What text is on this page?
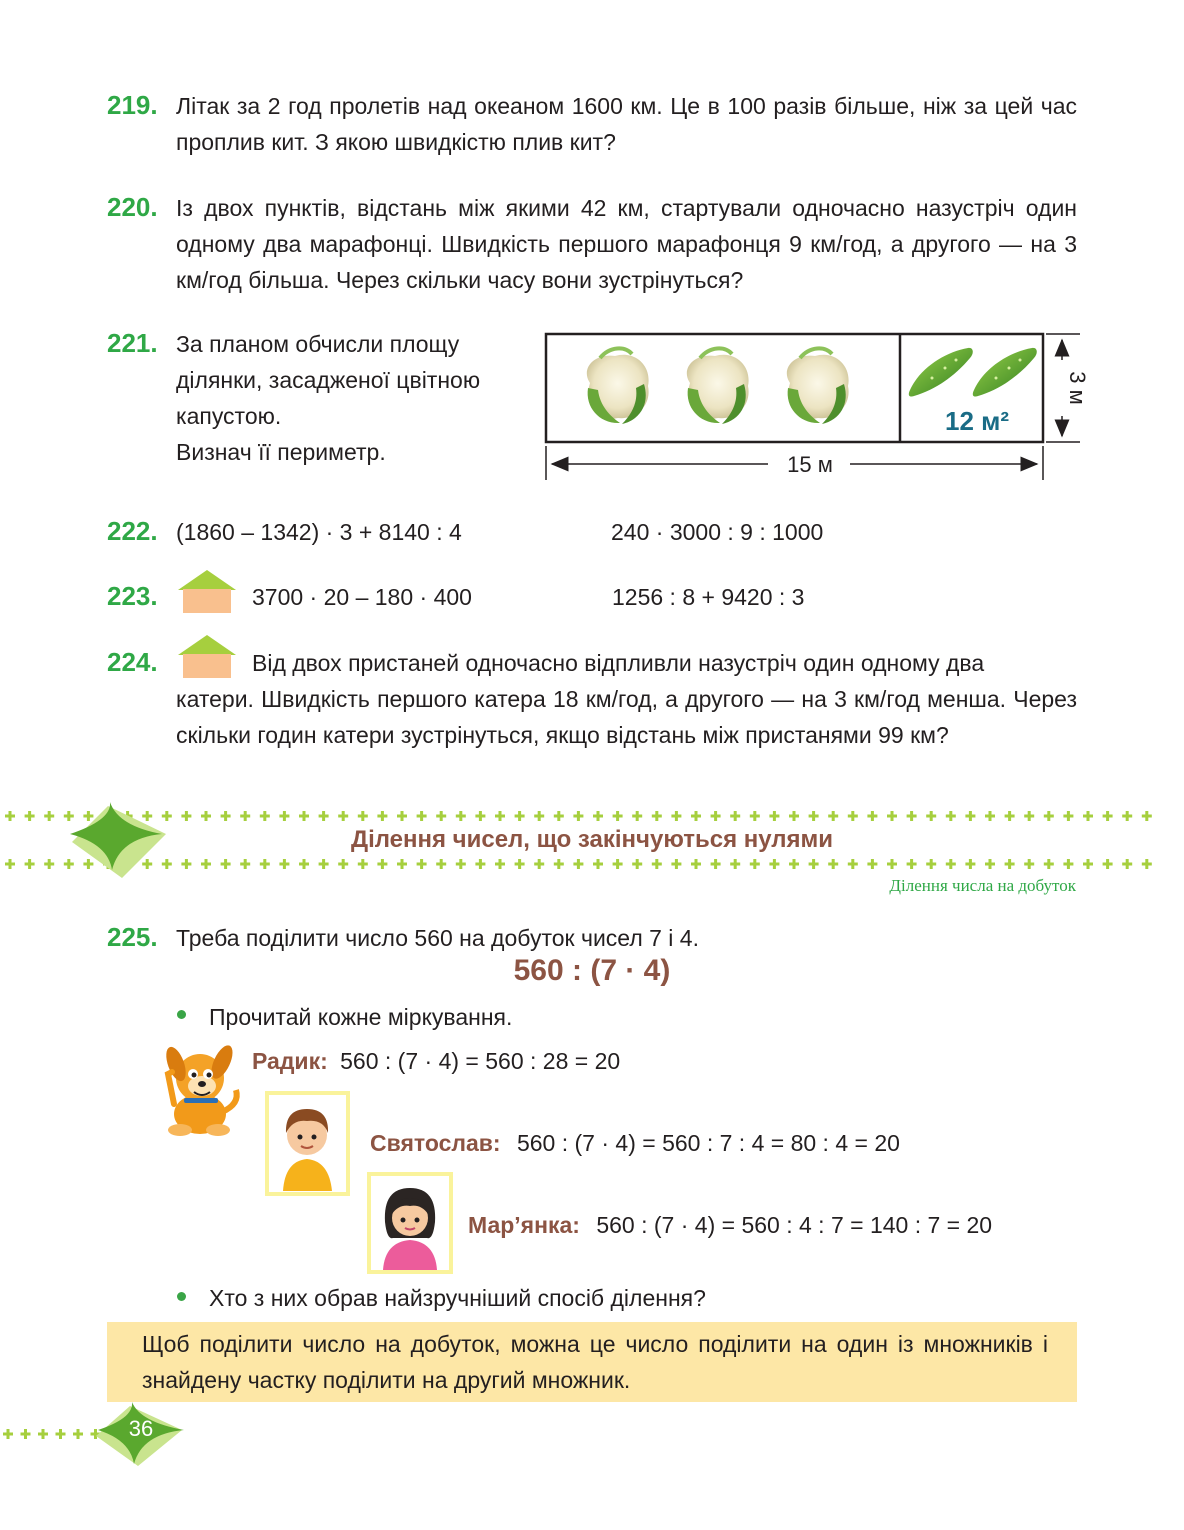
219. Літак за 2 год пролетів над океаном 1600 км. Це в 100 разів більше, ніж за цей час проплив кит. З якою швидкістю плив кит?
220. Із двох пунктів, відстань між якими 42 км, стартували одночасно назустріч один одному два марафонці. Швидкість першого марафонця 9 км/год, а другого — на 3 км/год більша. Через скільки часу вони зустрінуться?
221. За планом обчисли площу
ділянки, засадженої цвітною
капустою.
Визнач її периметр.
12 м²
15 м
3 м
222. (1860 – 1342) · 3 + 8140 : 4	240 · 3000 : 9 : 1000
223.	3700 · 20 – 180 · 400	1256 : 8 + 9420 : 3
224.	Від двох пристаней одночасно відпливли назустріч один одному два
катери. Швидкість першого катера 18 км/год, а другого — на 3 км/год менша. Через скільки годин катери зустрінуться, якщо відстань між пристанями 99 км?
Ділення чисел, що закінчуються нулями
Ділення числа на добуток
225. Треба поділити число 560 на добуток чисел 7 і 4.
560 : (7 · 4)
Прочитай кожне міркування.
Радик: 560 : (7 · 4) = 560 : 28 = 20
Святослав: 560 : (7 · 4) = 560 : 7 : 4 = 80 : 4 = 20
Мар’янка: 560 : (7 · 4) = 560 : 4 : 7 = 140 : 7 = 20
Хто з них обрав найзручніший спосіб ділення?
Щоб поділити число на добуток, можна це число поділити на один із множників і знайдену частку поділити на другий множник.
36
